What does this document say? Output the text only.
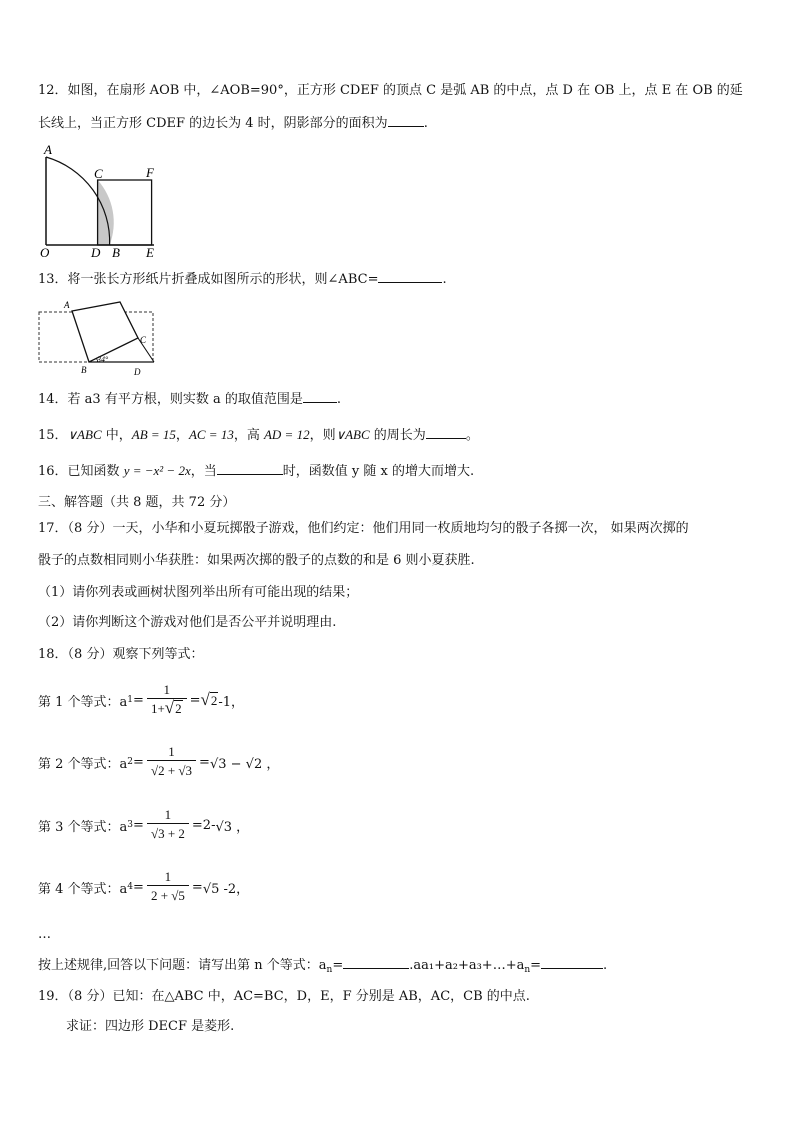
12．如图，在扇形 AOB 中，∠AOB=90°，正方形 CDEF 的顶点 C 是弧 AB 的中点，点 D 在 OB 上，点 E 在 OB 的延
长线上，当正方形 CDEF 的边长为 4 时，阴影部分的面积为	.
A
C	F
O	D B E
13．将一张长方形纸片折叠成如图所示的形状，则∠ABC=	.
A
C
B	D
34°
14．若 a3 有平方根，则实数 a 的取值范围是	.
15．∨ABC 中，AB = 15，AC = 13，高 AD = 12，则∨ABC 的周长为	。
16．已知函数 y = −x² − 2x，当	时，函数值 y 随 x 的增大而增大.
三、解答题（共 8 题，共 72 分）
17．（8 分）一天，小华和小夏玩掷骰子游戏，他们约定：他们用同一枚质地均匀的骰子各掷一次， 如果两次掷的
骰子的点数相同则小华获胜：如果两次掷的骰子的点数的和是 6 则小夏获胜.
（1）请你列表或画树状图列举出所有可能出现的结果；
（2）请你判断这个游戏对他们是否公平并说明理由.
18．（8 分）观察下列等式：
第 1 个等式：a $1 = \frac{1}{1+ √ 2}$ = √ 2 -1，
第 2 个等式：a $2 = \frac{1}{√2 + √3} = √3 - √2$ ，
第 3 个等式：a $3 = \frac{1}{√3 + 2} =2-$ √3 ，
第 4 个等式：a $4 = \frac{1}{2 + √5} = √5$ -2，
…
按上述规律,回答以下问题：请写出第 n 个等式：$a_n=$	$.aa_1+a_2+a_3+\dots+a_n=$	.
19．（8 分）已知：在△ABC 中，AC=BC，D，E，F 分别是 AB，AC，CB 的中点.
求证：四边形 DECF 是菱形.
